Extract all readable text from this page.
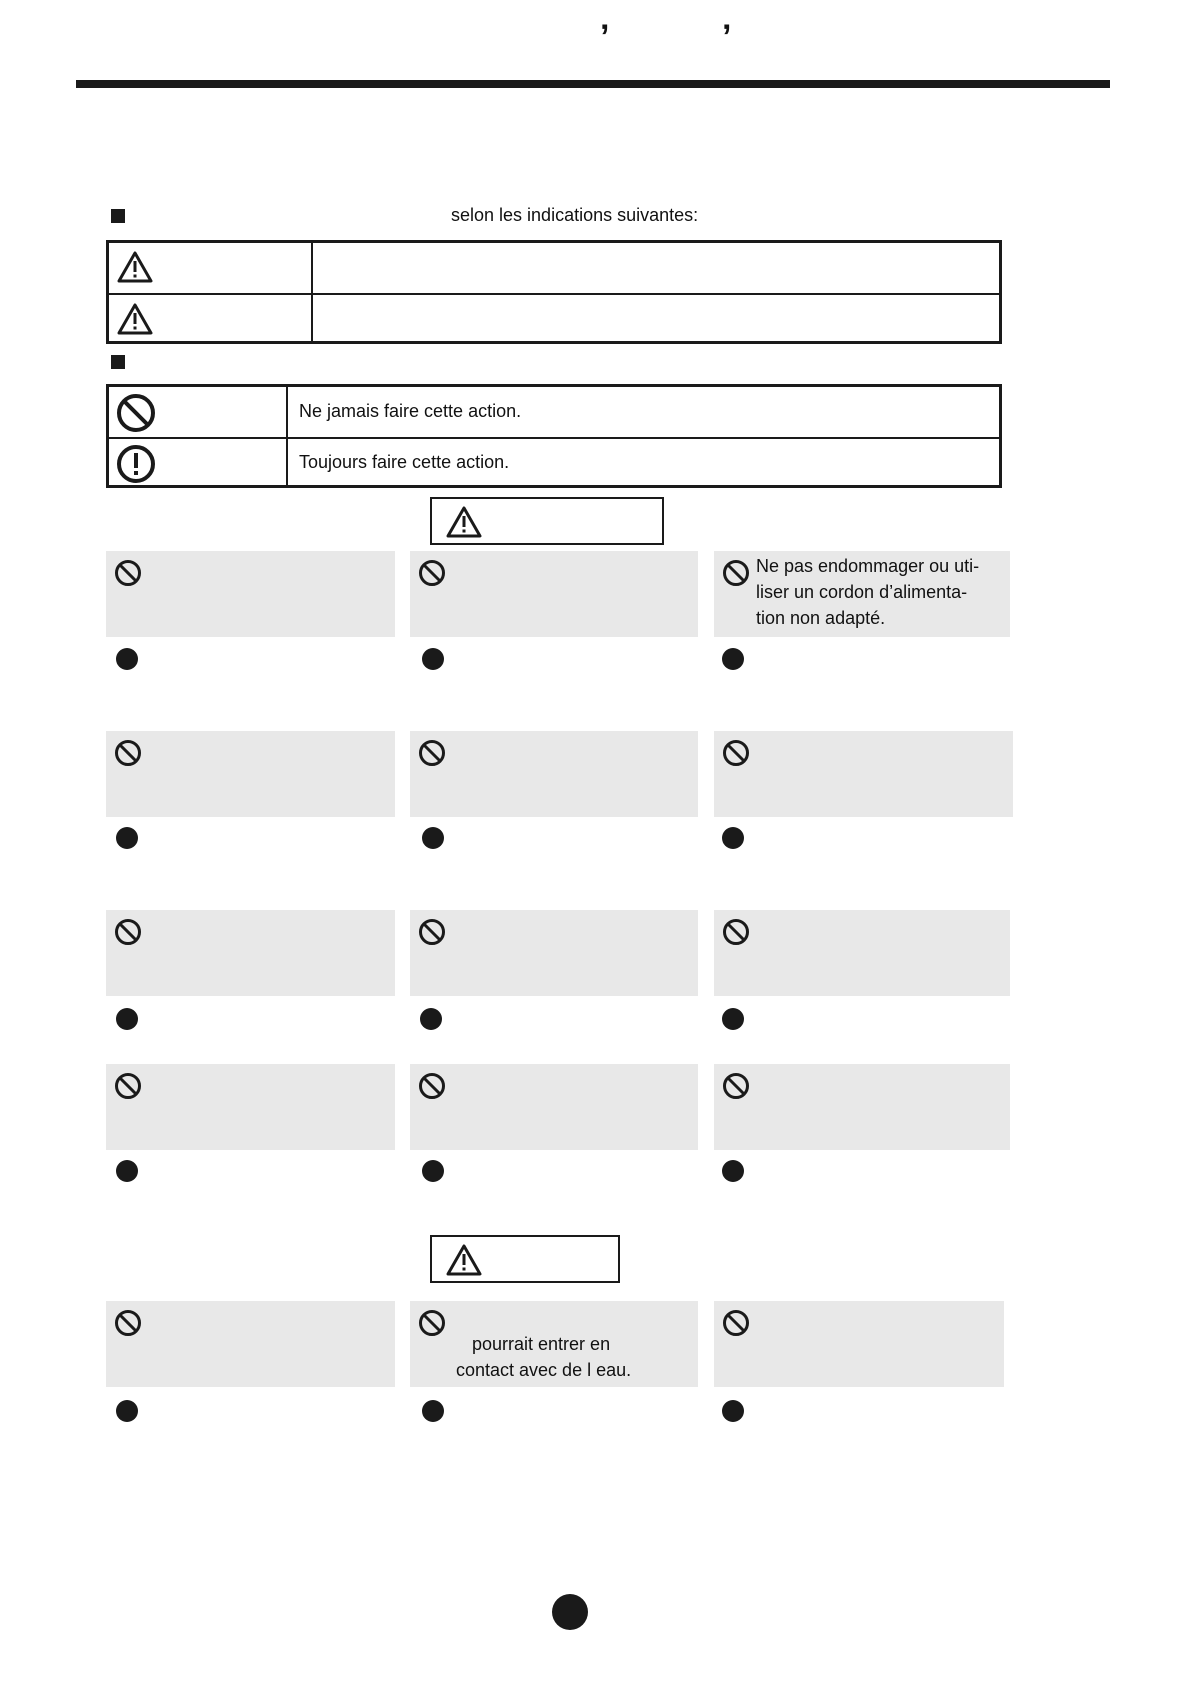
’	’
selon les indications suivantes:
Ne jamais faire cette action.
Toujours faire cette action.
Ne pas endommager ou uti-
liser un cordon d’alimenta-
tion non adapté.
pourrait entrer en
contact avec de l eau.
